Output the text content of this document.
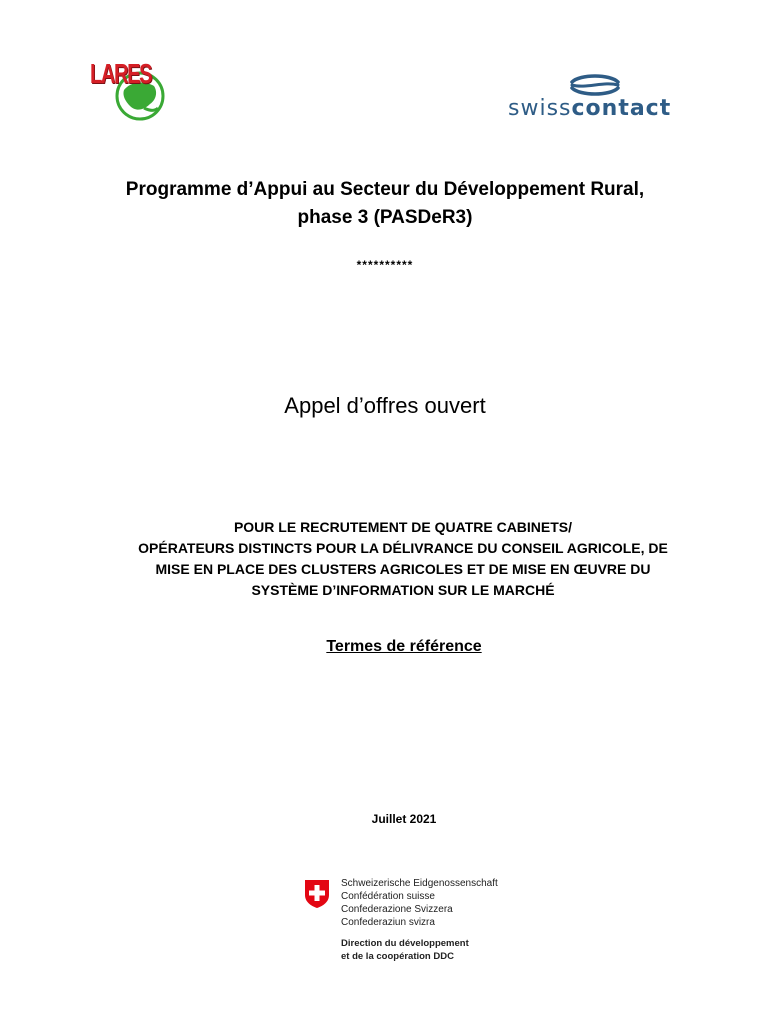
LARES
swisscontact
Programme d’Appui au Secteur du Développement Rural,
phase 3 (PASDeR3)
**********
Appel d’offres ouvert
POUR LE RECRUTEMENT DE QUATRE CABINETS/
OPÉRATEURS DISTINCTS POUR LA DÉLIVRANCE DU CONSEIL AGRICOLE, DE
MISE EN PLACE DES CLUSTERS AGRICOLES ET DE MISE EN ŒUVRE DU
SYSTÈME D’INFORMATION SUR LE MARCHÉ
Termes de référence
Juillet 2021
Schweizerische Eidgenossenschaft
Confédération suisse
Confederazione Svizzera
Confederaziun svizra
Direction du développement
et de la coopération DDC
